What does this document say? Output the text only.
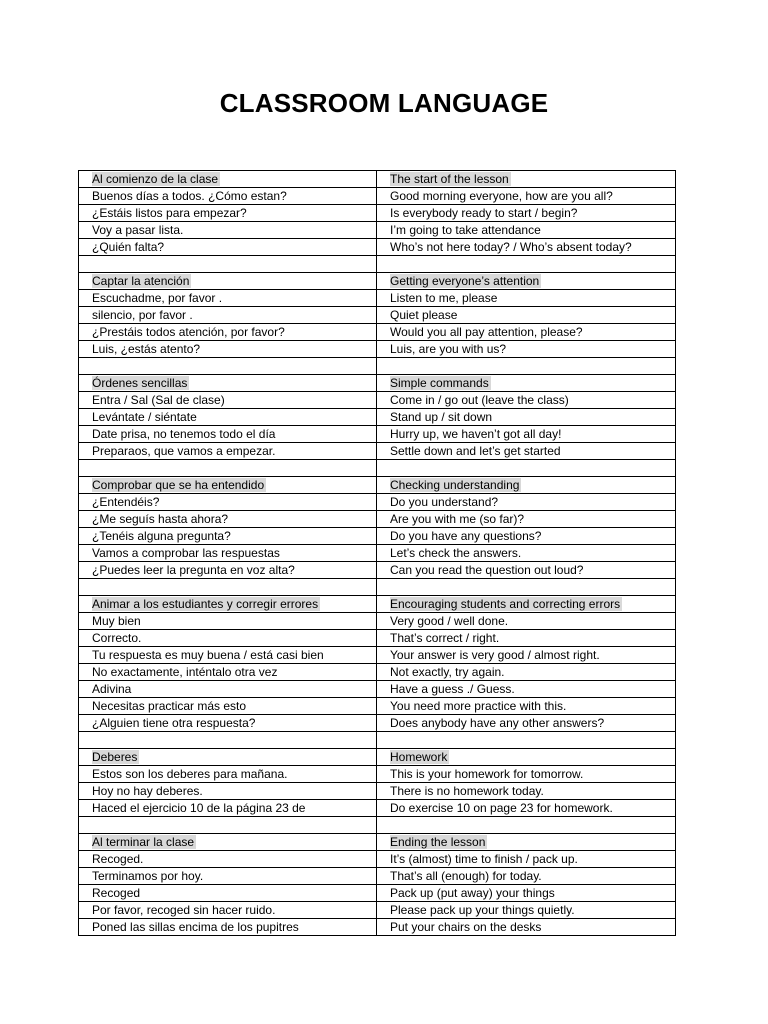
CLASSROOM LANGUAGE
Al comienzo de la clase	The start of the lesson
Buenos días a todos. ¿Cómo estan?	Good morning everyone, how are you all?
¿Estáis listos para empezar?	Is everybody ready to start / begin?
Voy a pasar lista.	I’m going to take attendance
¿Quién falta?	Who’s not here today? / Who’s absent today?

Captar la atención	Getting everyone’s attention
Escuchadme, por favor .	Listen to me, please
silencio, por favor .	Quiet please
¿Prestáis todos atención, por favor?	Would you all pay attention, please?
Luis, ¿estás atento?	Luis, are you with us?

Órdenes sencillas	Simple commands
Entra / Sal (Sal de clase)	Come in / go out (leave the class)
Levántate / siéntate	Stand up / sit down
Date prisa, no tenemos todo el día	Hurry up, we haven’t got all day!
Preparaos, que vamos a empezar.	Settle down and let’s get started

Comprobar que se ha entendido	Checking understanding
¿Entendéis?	Do you understand?
¿Me seguís hasta ahora?	Are you with me (so far)?
¿Tenéis alguna pregunta?	Do you have any questions?
Vamos a comprobar las respuestas	Let’s check the answers.
¿Puedes leer la pregunta en voz alta?	Can you read the question out loud?

Animar a los estudiantes y corregir errores	Encouraging students and correcting errors
Muy bien	Very good / well done.
Correcto.	That’s correct / right.
Tu respuesta es muy buena / está casi bien	Your answer is very good / almost right.
No exactamente, inténtalo otra vez	Not exactly, try again.
Adivina	Have a guess ./ Guess.
Necesitas practicar más esto	You need more practice with this.
¿Alguien tiene otra respuesta?	Does anybody have any other answers?

Deberes	Homework
Estos son los deberes para mañana.	This is your homework for tomorrow.
Hoy no hay deberes.	There is no homework today.
Haced el ejercicio 10 de la página 23 de	Do exercise 10 on page 23 for homework.

Al terminar la clase	Ending the lesson
Recoged.	It’s (almost) time to finish / pack up.
Terminamos por hoy.	That’s all (enough) for today.
Recoged	Pack up (put away) your things
Por favor, recoged sin hacer ruido.	Please pack up your things quietly.
Poned las sillas encima de los pupitres	Put your chairs on the desks
